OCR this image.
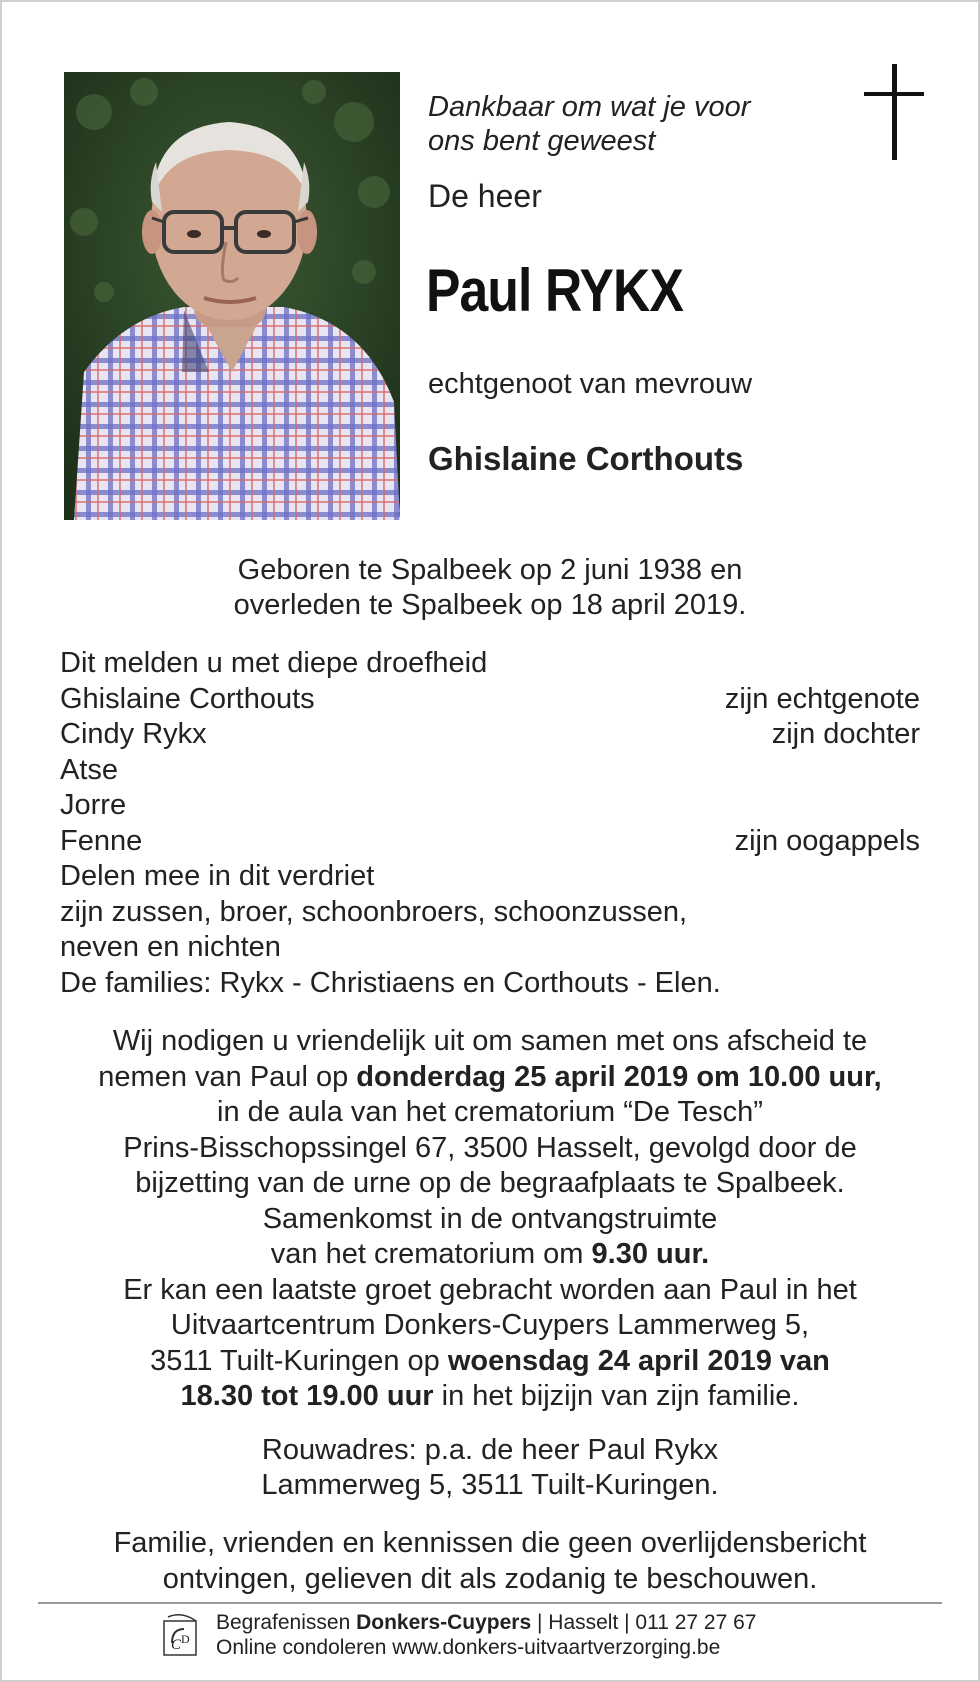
Dankbaar om wat je voor
ons bent geweest
De heer
Paul RYKX
echtgenoot van mevrouw
Ghislaine Corthouts
Geboren te Spalbeek op 2 juni 1938 en
overleden te Spalbeek op 18 april 2019.
Dit melden u met diepe droefheid
Ghislaine Corthouts	zijn echtgenote
Cindy Rykx	zijn dochter
Atse
Jorre
Fenne	zijn oogappels
Delen mee in dit verdriet
zijn zussen, broer, schoonbroers, schoonzussen,
neven en nichten
De families: Rykx - Christiaens en Corthouts - Elen.
Wij nodigen u vriendelijk uit om samen met ons afscheid te
nemen van Paul op donderdag 25 april 2019 om 10.00 uur,
in de aula van het crematorium “De Tesch”
Prins-Bisschopssingel 67, 3500 Hasselt, gevolgd door de
bijzetting van de urne op de begraafplaats te Spalbeek.
Samenkomst in de ontvangstruimte
van het crematorium om 9.30 uur.
Er kan een laatste groet gebracht worden aan Paul in het
Uitvaartcentrum Donkers-Cuypers Lammerweg 5,
3511 Tuilt-Kuringen op woensdag 24 april 2019 van
18.30 tot 19.00 uur in het bijzijn van zijn familie.
Rouwadres: p.a. de heer Paul Rykx
Lammerweg 5, 3511 Tuilt-Kuringen.
Familie, vrienden en kennissen die geen overlijdensbericht
ontvingen, gelieven dit als zodanig te beschouwen.
C D
Begrafenissen Donkers-Cuypers | Hasselt | 011 27 27 67
Online condoleren www.donkers-uitvaartverzorging.be
